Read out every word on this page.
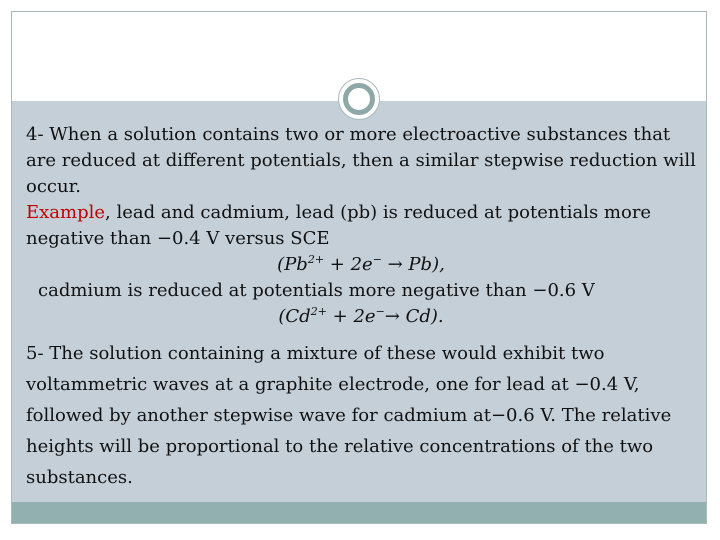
4- When a solution contains two or more electroactive substances that are reduced at different potentials, then a similar stepwise reduction will occur.

Example, lead and cadmium, lead (pb) is reduced at potentials more negative than −0.4 V versus SCE

$(Pb^{2+} + 2e^- \to Pb)$,

cadmium is reduced at potentials more negative than −0.6 V

$(Cd^{2+} + 2e^-\to Cd)$.

5- The solution containing a mixture of these would exhibit two voltammetric waves at a graphite electrode, one for lead at −0.4 V, followed by another stepwise wave for cadmium at−0.6 V. The relative heights will be proportional to the relative concentrations of the two substances.
